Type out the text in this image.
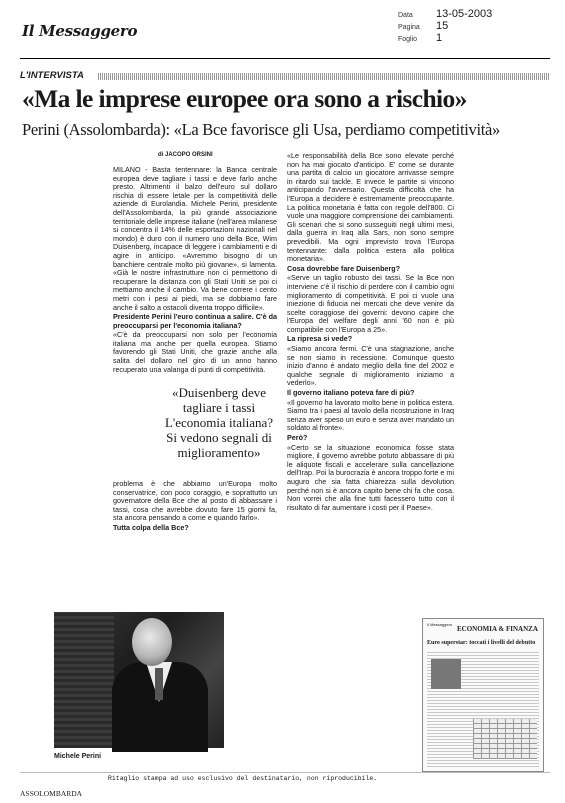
Il Messaggero
Data	13-05-2003
Pagina	15
Foglio	1
L'INTERVISTA
«Ma le imprese europee ora sono a rischio»
Perini (Assolombarda): «La Bce favorisce gli Usa, perdiamo competitività»
di JACOPO ORSINI

MILANO - Basta tentennare: la Banca centrale europea deve tagliare i tassi e deve farlo anche presto. Altrimenti il balzo dell'euro sul dollaro rischia di essere letale per la competitività delle aziende di Eurolandia. Michele Perini, presidente dell'Assolombarda, la più grande associazione territoriale delle imprese italiane (nell'area milanese si concentra il 14% delle esportazioni nazionali nel mondo) è duro con il numero uno della Bce, Wim Duisenberg, incapace di leggere i cambiamenti e di agire in anticipo. «Avremmo bisogno di un banchiere centrale molto più giovane», si lamenta. «Già le nostre infrastrutture non ci permettono di recuperare la distanza con gli Stati Uniti se poi ci mettiamo anche il cambio. Va bene correre i cento metri con i pesi ai piedi, ma se dobbiamo fare anche il salto a ostacoli diventa troppo difficile».

Presidente Perini l'euro continua a salire. C'è da preoccuparsi per l'economia italiana?

«C'è da preoccuparsi non solo per l'economia italiana ma anche per quella europea. Stiamo favorendo gli Stati Uniti, che grazie anche alla salita del dollaro nel giro di un anno hanno recuperato una valanga di punti di competitività.

«Duisenberg deve tagliare i tassi L'economia italiana? Si vedono segnali di miglioramento»

problema è che abbiamo un'Europa molto conservatrice, con poco coraggio, e soprattutto un governatore della Bce che al posto di abbassare i tassi, cosa che avrebbe dovuto fare 15 giorni fa, sta ancora pensando a come e quando farlo».

Tutta colpa della Bce?

«Le responsabilità della Bce sono elevate perché non ha mai giocato d'anticipo. E' come se durante una partita di calcio un giocatore arrivasse sempre in ritardo sui tackle. E invece le partite si vincono anticipando l'avversario. Questa difficoltà che ha l'Europa a decidere è estremamente preoccupante. La politica monetaria è fatta con regole dell'800. Ci vuole una maggiore comprensione dei cambiamenti. Gli scenari che si sono susseguiti negli ultimi mesi, dalla guerra in Iraq alla Sars, non sono sempre prevedibili. Ma ogni imprevisto trova l'Europa tentennante: dalla politica estera alla politica monetaria».

Cosa dovrebbe fare Duisenberg?

«Serve un taglio robusto dei tassi. Se la Bce non interviene c'è il rischio di perdere con il cambio ogni miglioramento di competitività. E poi ci vuole una iniezione di fiducia nei mercati che deve venire da scelte coraggiose dei governi: devono capire che l'Europa del welfare degli anni '60 non è più compatibile con l'Europa a 25».

La ripresa si vede?

«Siamo ancora fermi. C'è una stagnazione, anche se non siamo in recessione. Comunque questo inizio d'anno è andato meglio della fine del 2002 e qualche segnale di miglioramento iniziamo a vederlo».

Il governo italiano poteva fare di più?

«Il governo ha lavorato molto bene in politica estera. Siamo tra i paesi al tavolo della ricostruzione in Iraq senza aver speso un euro e senza aver mandato un soldato al fronte».

Però?

«Certo se la situazione economica fosse stata migliore, il governo avrebbe potuto abbassare di più le aliquote fiscali e accelerare sulla cancellazione dell'Irap. Poi la burocrazia è ancora troppo forte e mi auguro che sia fatta chiarezza sulla devolution perché non si è ancora capito bene chi fa che cosa. Non vorrei che alla fine tutti facessero tutto con il risultato di far aumentare i costi per il Paese».

Michele Perini
Il Messaggero
ECONOMIA & FINANZA
Euro superstar: toccati i livelli del debutto
Ritaglio stampa ad uso esclusivo del destinatario, non riproducibile.
ASSOLOMBARDA
